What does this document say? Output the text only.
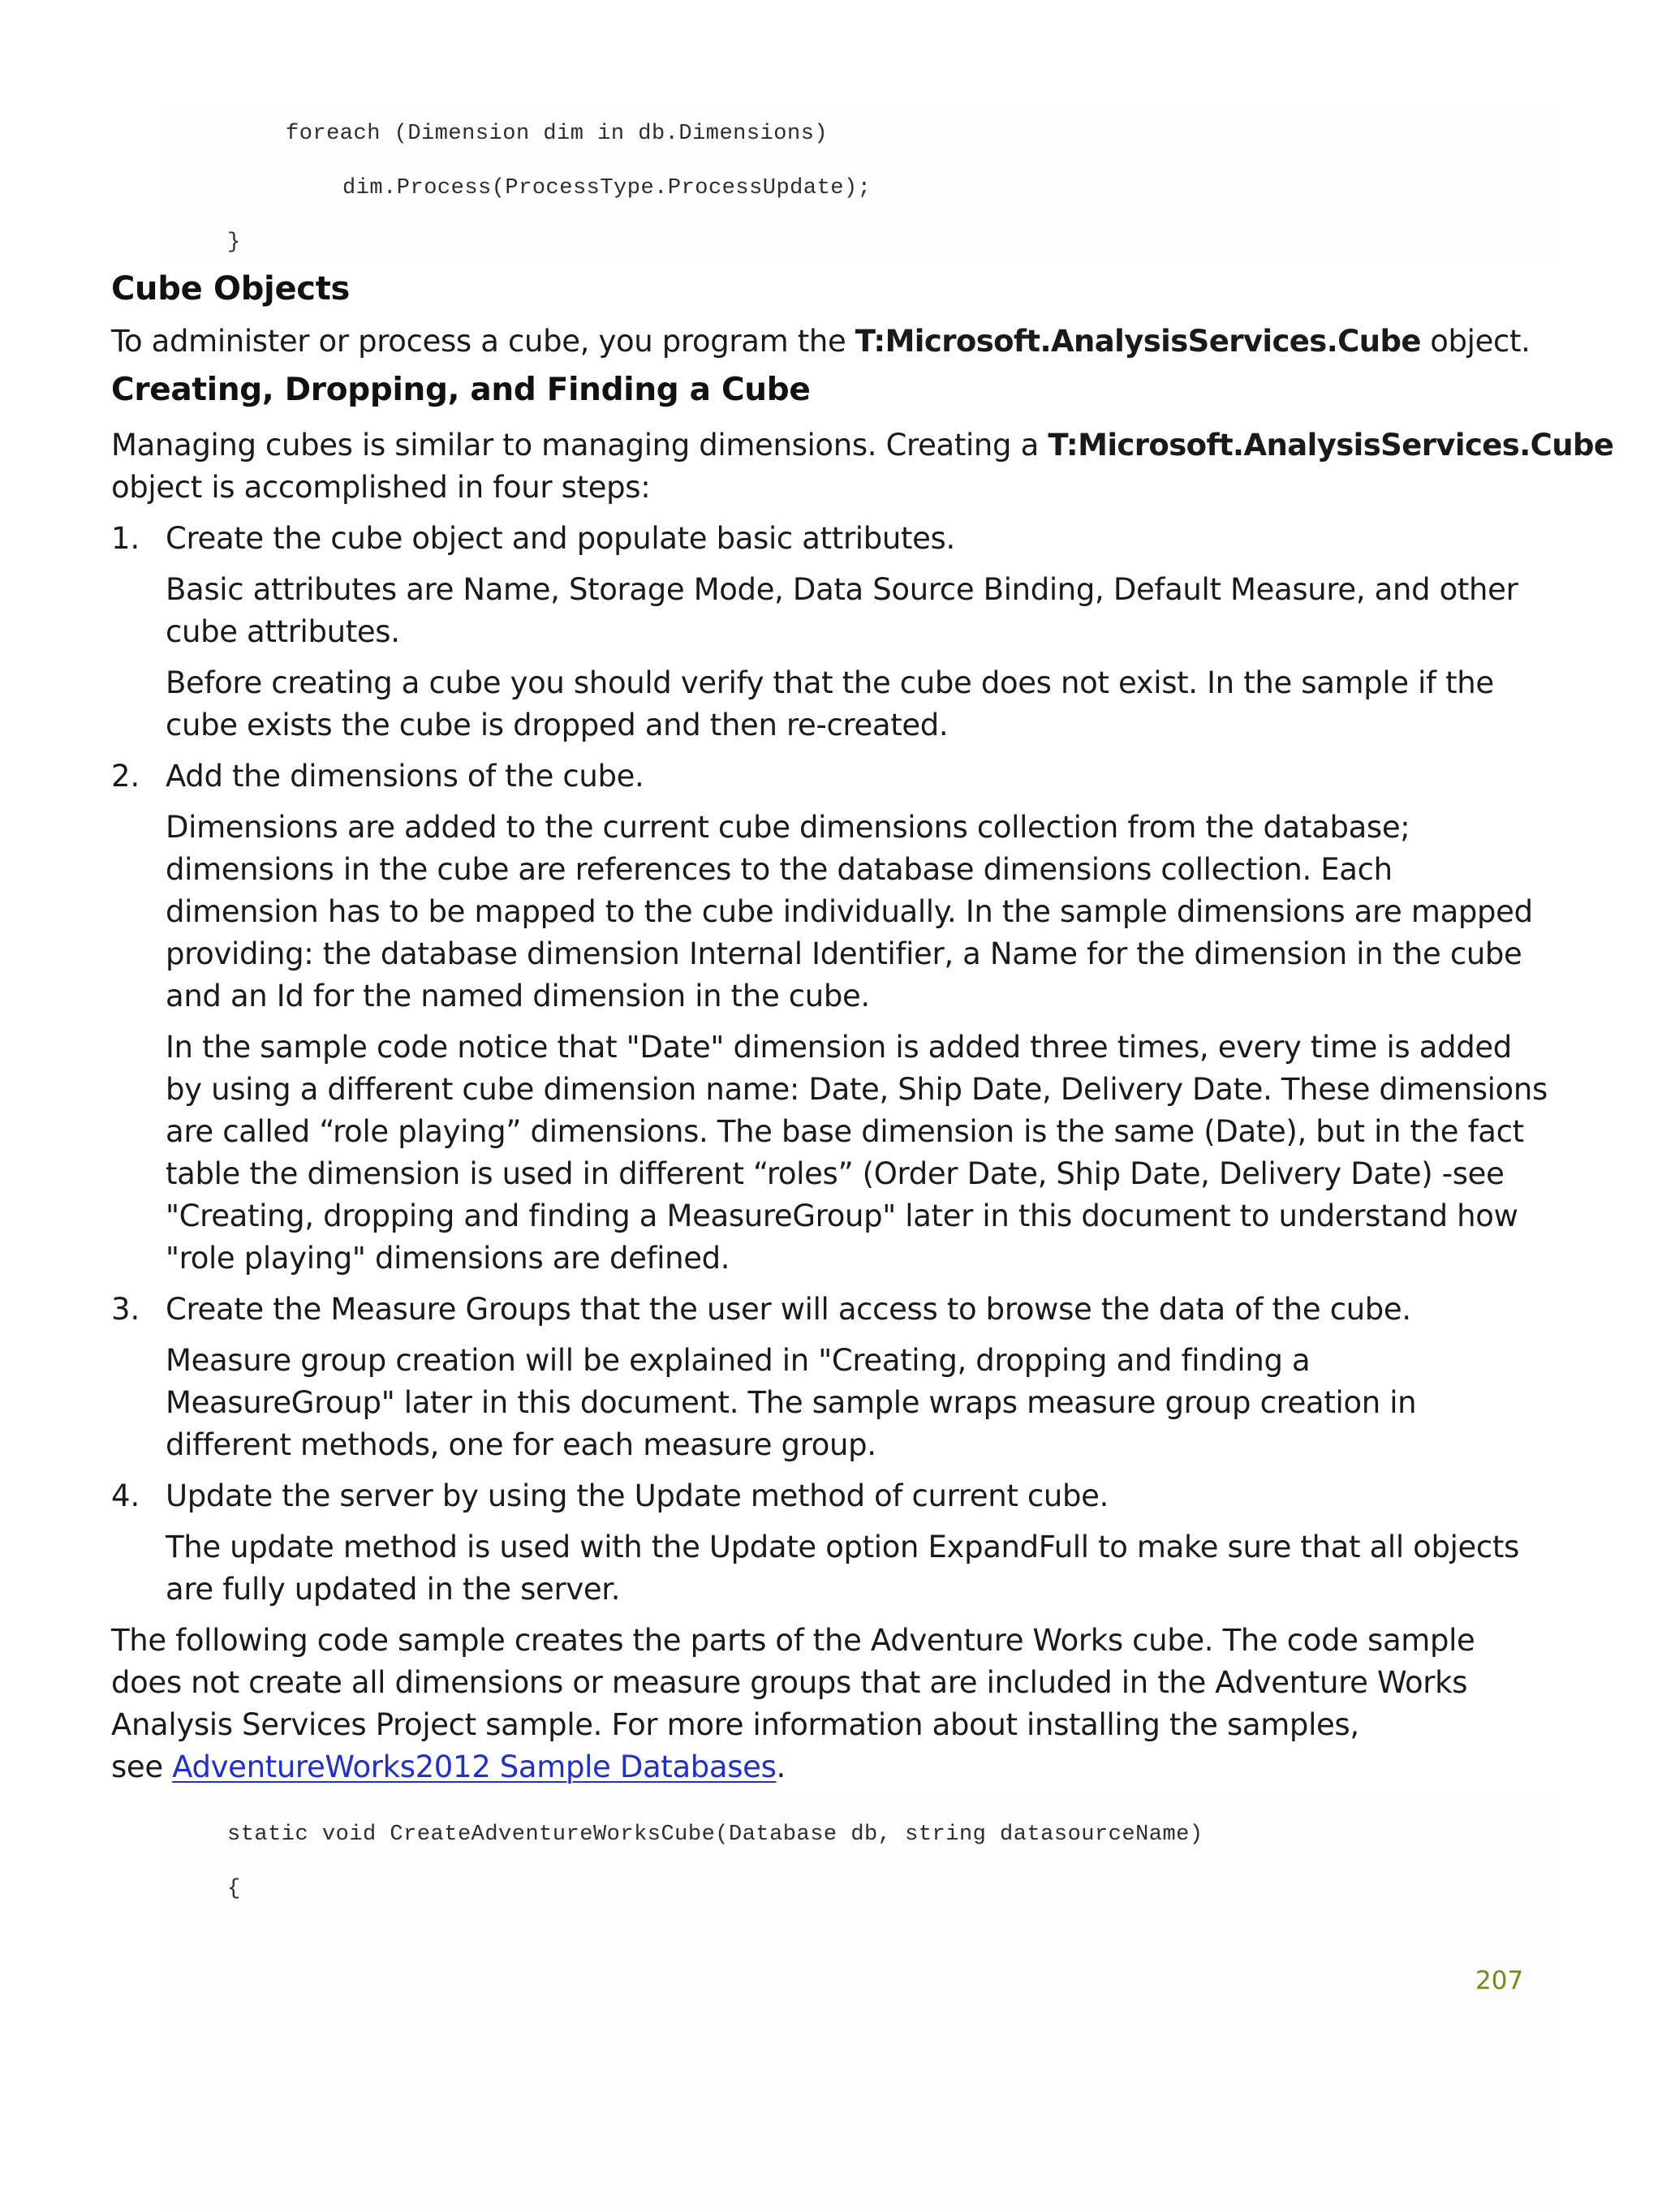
foreach (Dimension dim in db.Dimensions)
dim.Process(ProcessType.ProcessUpdate);
}
Cube Objects
To administer or process a cube, you program the T:Microsoft.AnalysisServices.Cube object.
Creating, Dropping, and Finding a Cube
Managing cubes is similar to managing dimensions. Creating a T:Microsoft.AnalysisServices.Cube
object is accomplished in four steps:
1. Create the cube object and populate basic attributes.
Basic attributes are Name, Storage Mode, Data Source Binding, Default Measure, and other
cube attributes.
Before creating a cube you should verify that the cube does not exist. In the sample if the
cube exists the cube is dropped and then re-created.
2. Add the dimensions of the cube.
Dimensions are added to the current cube dimensions collection from the database;
dimensions in the cube are references to the database dimensions collection. Each
dimension has to be mapped to the cube individually. In the sample dimensions are mapped
providing: the database dimension Internal Identifier, a Name for the dimension in the cube
and an Id for the named dimension in the cube.
In the sample code notice that "Date" dimension is added three times, every time is added
by using a different cube dimension name: Date, Ship Date, Delivery Date. These dimensions
are called “role playing” dimensions. The base dimension is the same (Date), but in the fact
table the dimension is used in different “roles” (Order Date, Ship Date, Delivery Date) -see
"Creating, dropping and finding a MeasureGroup" later in this document to understand how
"role playing" dimensions are defined.
3. Create the Measure Groups that the user will access to browse the data of the cube.
Measure group creation will be explained in "Creating, dropping and finding a
MeasureGroup" later in this document. The sample wraps measure group creation in
different methods, one for each measure group.
4. Update the server by using the Update method of current cube.
The update method is used with the Update option ExpandFull to make sure that all objects
are fully updated in the server.
The following code sample creates the parts of the Adventure Works cube. The code sample
does not create all dimensions or measure groups that are included in the Adventure Works
Analysis Services Project sample. For more information about installing the samples,
see AdventureWorks2012 Sample Databases.
static void CreateAdventureWorksCube(Database db, string datasourceName)
{
207
